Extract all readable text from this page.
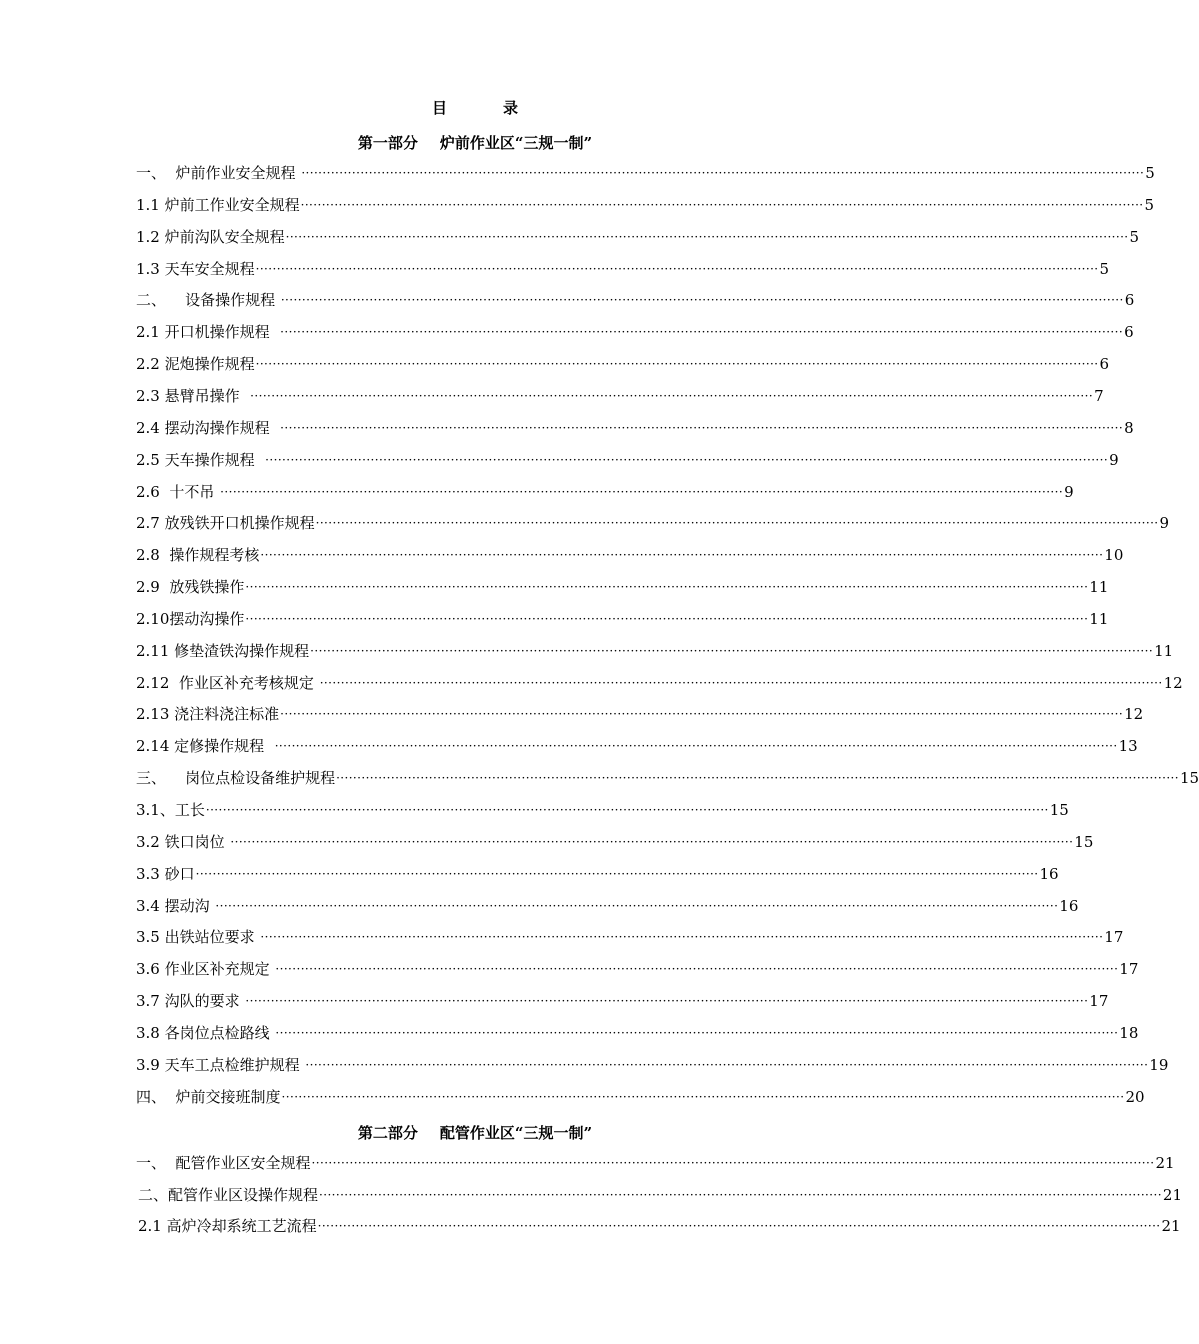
目	录
第一部分 炉前作业区“三规一制”
一、  炉前作业安全规程 ········································································································································································································ 5
1.1 炉前工作业安全规程 ········································································································································································································ 5
1.2 炉前沟队安全规程 ········································································································································································································ 5
1.3 天车安全规程 ········································································································································································································ 5
二、    设备操作规程 ········································································································································································································ 6
2.1 开口机操作规程 ········································································································································································································ 6
2.2 泥炮操作规程 ········································································································································································································ 6
2.3 悬臂吊操作 ········································································································································································································ 7
2.4 摆动沟操作规程 ········································································································································································································ 8
2.5 天车操作规程 ········································································································································································································ 9
2.6  十不吊 ········································································································································································································ 9
2.7 放残铁开口机操作规程 ········································································································································································································ 9
2.8  操作规程考核 ········································································································································································································ 10
2.9  放残铁操作 ········································································································································································································ 11
2.10摆动沟操作 ········································································································································································································ 11
2.11 修垫渣铁沟操作规程 ········································································································································································································ 11
2.12  作业区补充考核规定 ········································································································································································································ 12
2.13 浇注料浇注标准 ········································································································································································································ 12
2.14 定修操作规程 ········································································································································································································ 13
三、    岗位点检设备维护规程 ········································································································································································································ 15
3.1、工长 ········································································································································································································ 15
3.2 铁口岗位 ········································································································································································································ 15
3.3 砂口 ········································································································································································································ 16
3.4 摆动沟 ········································································································································································································ 16
3.5 出铁站位要求 ········································································································································································································ 17
3.6 作业区补充规定 ········································································································································································································ 17
3.7 沟队的要求 ········································································································································································································ 17
3.8 各岗位点检路线 ········································································································································································································ 18
3.9 天车工点检维护规程 ········································································································································································································ 19
四、  炉前交接班制度 ········································································································································································································ 20
第二部分 配管作业区“三规一制”
一、  配管作业区安全规程 ········································································································································································································ 21
二、配管作业区设操作规程 ········································································································································································································ 21
2.1 高炉冷却系统工艺流程 ········································································································································································································ 21
